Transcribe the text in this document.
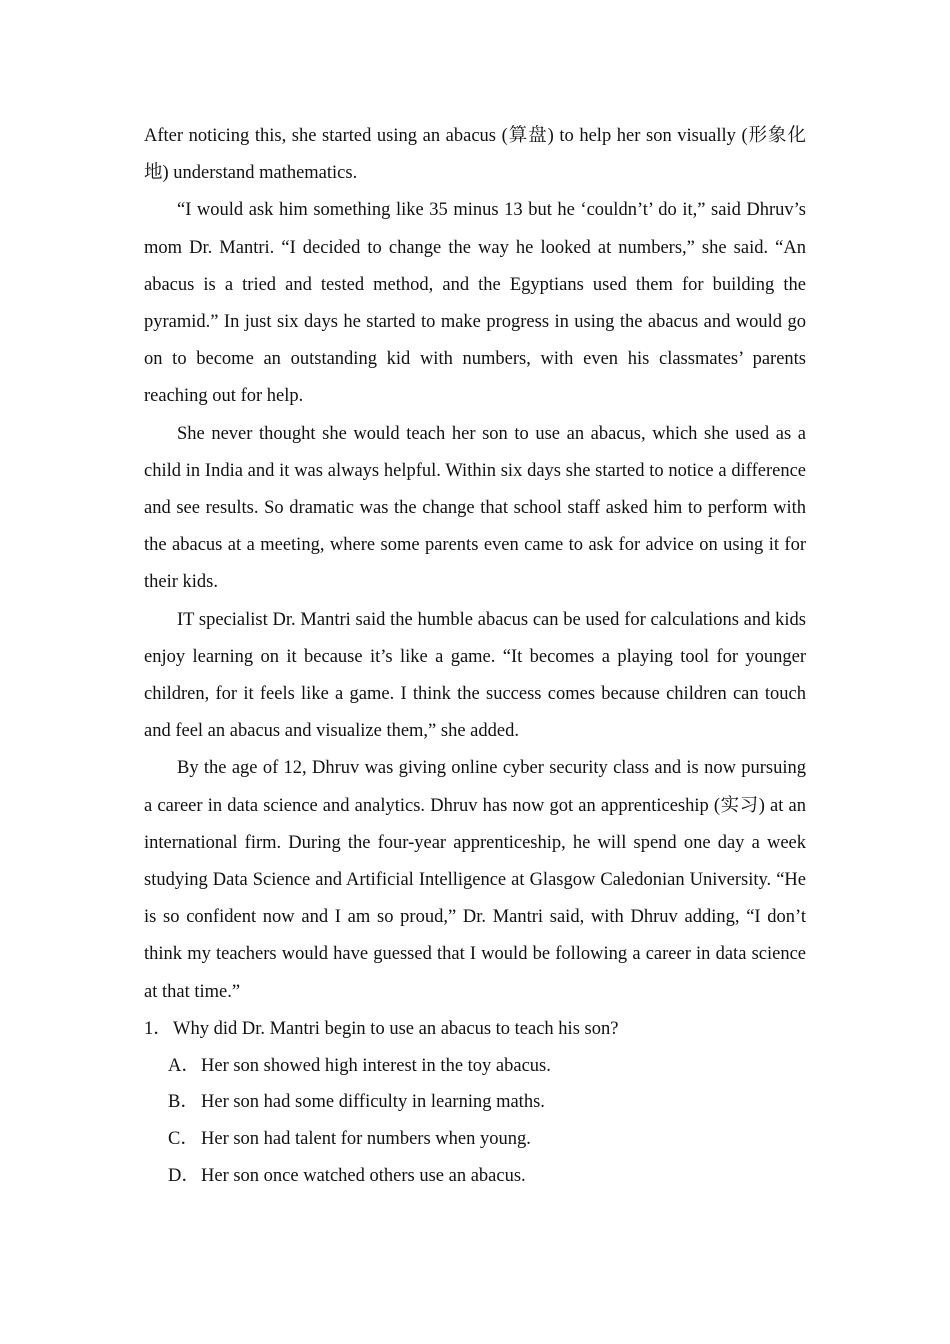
After noticing this, she started using an abacus (算盘) to help her son visually (形象化地) understand mathematics.

“I would ask him something like 35 minus 13 but he ‘couldn’t’ do it,” said Dhruv’s mom Dr. Mantri. “I decided to change the way he looked at numbers,” she said. “An abacus is a tried and tested method, and the Egyptians used them for building the pyramid.” In just six days he started to make progress in using the abacus and would go on to become an outstanding kid with numbers, with even his classmates’ parents reaching out for help.

She never thought she would teach her son to use an abacus, which she used as a child in India and it was always helpful. Within six days she started to notice a difference and see results. So dramatic was the change that school staff asked him to perform with the abacus at a meeting, where some parents even came to ask for advice on using it for their kids.

IT specialist Dr. Mantri said the humble abacus can be used for calculations and kids enjoy learning on it because it’s like a game. “It becomes a playing tool for younger children, for it feels like a game. I think the success comes because children can touch and feel an abacus and visualize them,” she added.

By the age of 12, Dhruv was giving online cyber security class and is now pursuing a career in data science and analytics. Dhruv has now got an apprenticeship (实习) at an international firm. During the four-year apprenticeship, he will spend one day a week studying Data Science and Artificial Intelligence at Glasgow Caledonian University. “He is so confident now and I am so proud,” Dr. Mantri said, with Dhruv adding, “I don’t think my teachers would have guessed that I would be following a career in data science at that time.”

1．Why did Dr. Mantri begin to use an abacus to teach his son?

A．Her son showed high interest in the toy abacus.
B． Her son had some difficulty in learning maths.
C． Her son had talent for numbers when young.
D．Her son once watched others use an abacus.
